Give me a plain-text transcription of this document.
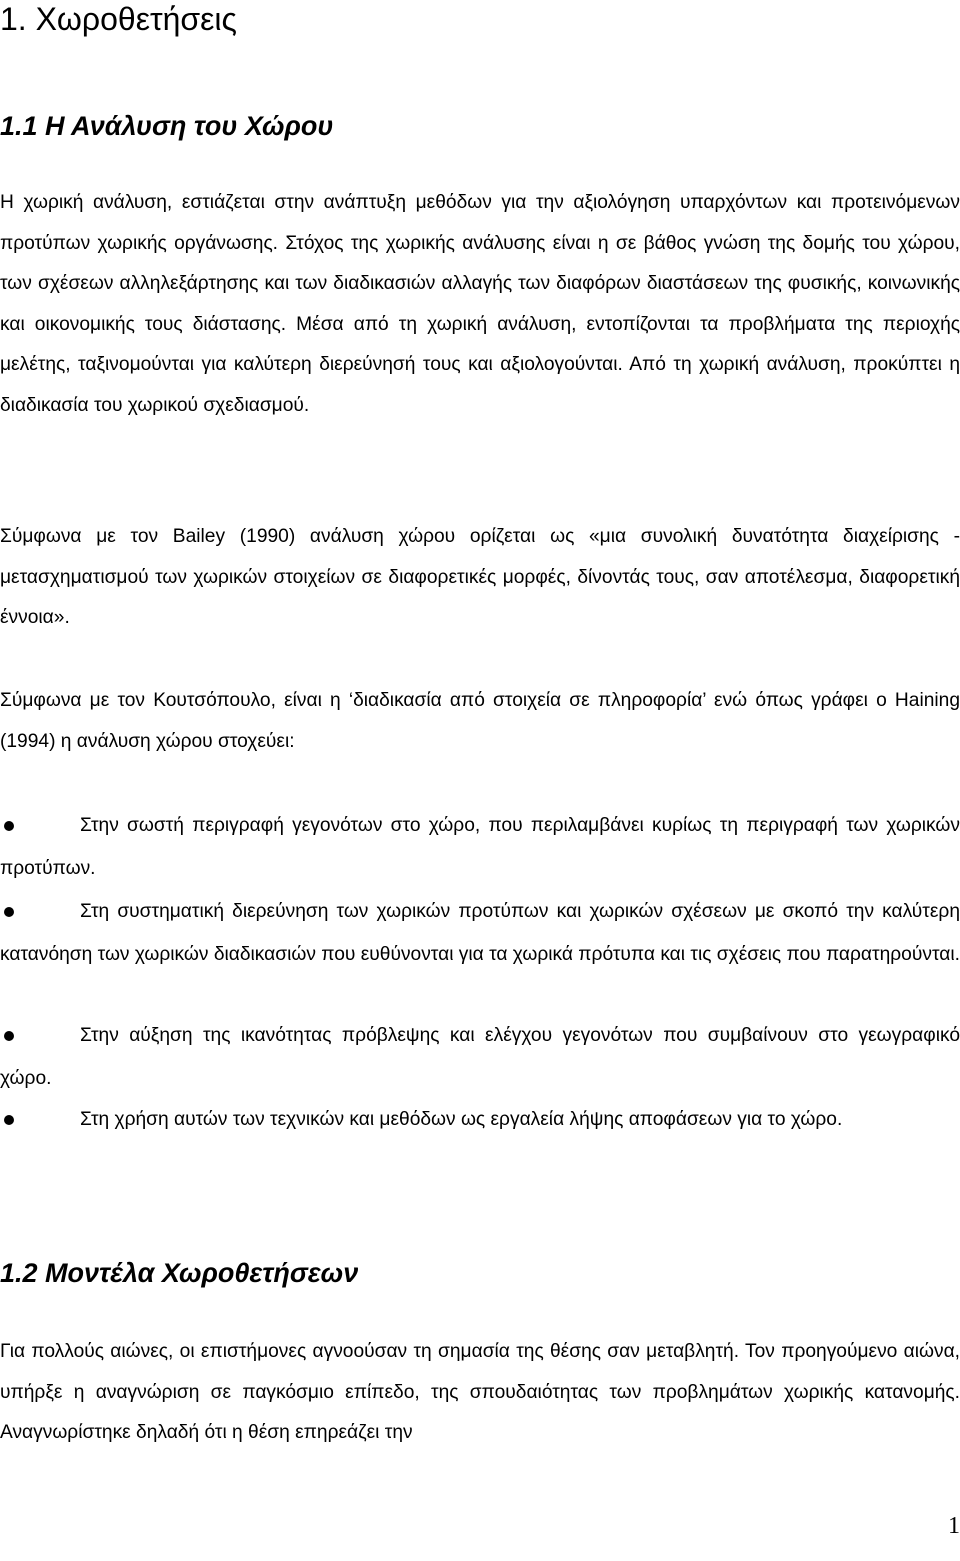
1. Χωροθετήσεις
1.1 Η Ανάλυση του Χώρου

Η χωρική ανάλυση, εστιάζεται στην ανάπτυξη μεθόδων για την αξιολόγηση υπαρχόντων και προτεινόμενων προτύπων χωρικής οργάνωσης. Στόχος της χωρικής ανάλυσης είναι η σε βάθος γνώση της δομής του χώρου, των σχέσεων αλληλεξάρτησης και των διαδικασιών αλλαγής των διαφόρων διαστάσεων της φυσικής, κοινωνικής και οικονομικής τους διάστασης. Μέσα από τη χωρική ανάλυση, εντοπίζονται τα προβλήματα της περιοχής μελέτης, ταξινομούνται για καλύτερη διερεύνησή τους και αξιολογούνται. Από τη χωρική ανάλυση, προκύπτει η διαδικασία του χωρικού σχεδιασμού.

Σύμφωνα με τον Bailey (1990) ανάλυση χώρου ορίζεται ως «μια συνολική δυνατότητα διαχείρισης - μετασχηματισμού των χωρικών στοιχείων σε διαφορετικές μορφές, δίνοντάς τους, σαν αποτέλεσμα, διαφορετική έννοια».

Σύμφωνα με τον Κουτσόπουλο, είναι η ‘διαδικασία από στοιχεία σε πληροφορία’ ενώ όπως γράφει ο Haining (1994) η ανάλυση χώρου στοχεύει:

Στην σωστή περιγραφή γεγονότων στο χώρο, που περιλαμβάνει κυρίως τη περιγραφή των χωρικών προτύπων.

Στη συστηματική διερεύνηση των χωρικών προτύπων και χωρικών σχέσεων με σκοπό την καλύτερη κατανόηση των χωρικών διαδικασιών που ευθύνονται για τα χωρικά πρότυπα και τις σχέσεις που παρατηρούνται.

Στην αύξηση της ικανότητας πρόβλεψης και ελέγχου γεγονότων που συμβαίνουν στο γεωγραφικό χώρο.

Στη χρήση αυτών των τεχνικών και μεθόδων ως εργαλεία λήψης αποφάσεων για το χώρο.

1.2 Μοντέλα Χωροθετήσεων

Για πολλούς αιώνες, οι επιστήμονες αγνοούσαν τη σημασία της θέσης σαν μεταβλητή. Τον προηγούμενο αιώνα, υπήρξε η αναγνώριση σε παγκόσμιο επίπεδο, της σπουδαιότητας των προβλημάτων χωρικής κατανομής. Αναγνωρίστηκε δηλαδή ότι η θέση επηρεάζει την

1
